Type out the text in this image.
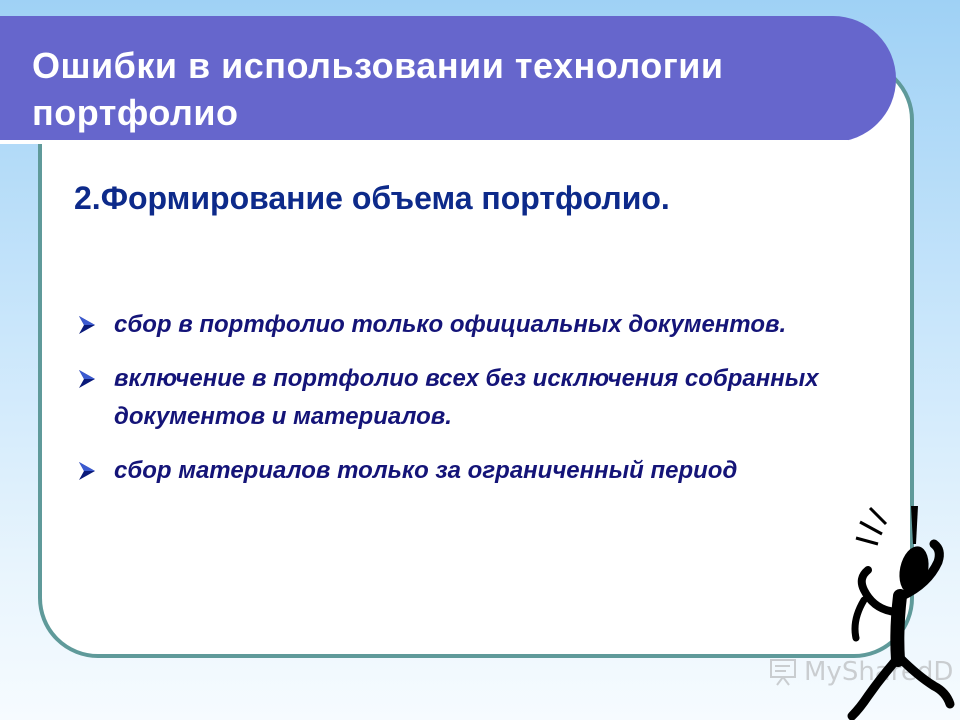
Ошибки в использовании технологии портфолио
2.Формирование объема портфолио.
сбор в портфолио только официальных документов.
включение в портфолио всех без исключения собранных документов и материалов.
сбор материалов только за ограниченный период
MySharedD
